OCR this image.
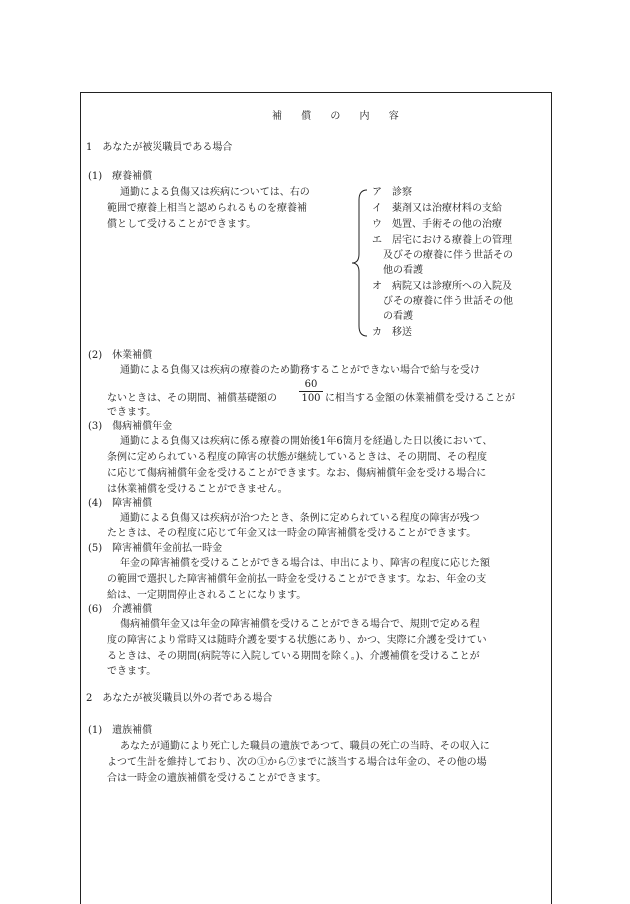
補 償 の 内 容
1　あなたが被災職員である場合
(1)　療養補償
通勤による負傷又は疾病については、右の
範囲で療養上相当と認められるものを療養補
償として受けることができます。
ア　診察
イ　薬剤又は治療材料の支給
ウ　処置、手術その他の治療
エ　居宅における療養上の管理
及びその療養に伴う世話その
他の看護
オ　病院又は診療所への入院及
びその療養に伴う世話その他
の看護
カ　移送
(2)　休業補償
通勤による負傷又は疾病の療養のため勤務することができない場合で給与を受け
60
100
ないときは、その期間、補償基礎額の	に相当する金額の休業補償を受けることが
できます。
(3)　傷病補償年金
通勤による負傷又は疾病に係る療養の開始後1年6箇月を経過した日以後において、
条例に定められている程度の障害の状態が継続しているときは、その期間、その程度
に応じて傷病補償年金を受けることができます。なお、傷病補償年金を受ける場合に
は休業補償を受けることができません。
(4)　障害補償
通勤による負傷又は疾病が治つたとき、条例に定められている程度の障害が残つ
たときは、その程度に応じて年金又は一時金の障害補償を受けることができます。
(5)　障害補償年金前払一時金
年金の障害補償を受けることができる場合は、申出により、障害の程度に応じた額
の範囲で選択した障害補償年金前払一時金を受けることができます。なお、年金の支
給は、一定期間停止されることになります。
(6)　介護補償
傷病補償年金又は年金の障害補償を受けることができる場合で、規則で定める程
度の障害により常時又は随時介護を要する状態にあり、かつ、実際に介護を受けてい
るときは、その期間(病院等に入院している期間を除く。)、介護補償を受けることが
できます。
2　あなたが被災職員以外の者である場合
(1)　遺族補償
あなたが通勤により死亡した職員の遺族であつて、職員の死亡の当時、その収入に
よつて生計を維持しており、次の①から⑦までに該当する場合は年金の、その他の場
合は一時金の遺族補償を受けることができます。
